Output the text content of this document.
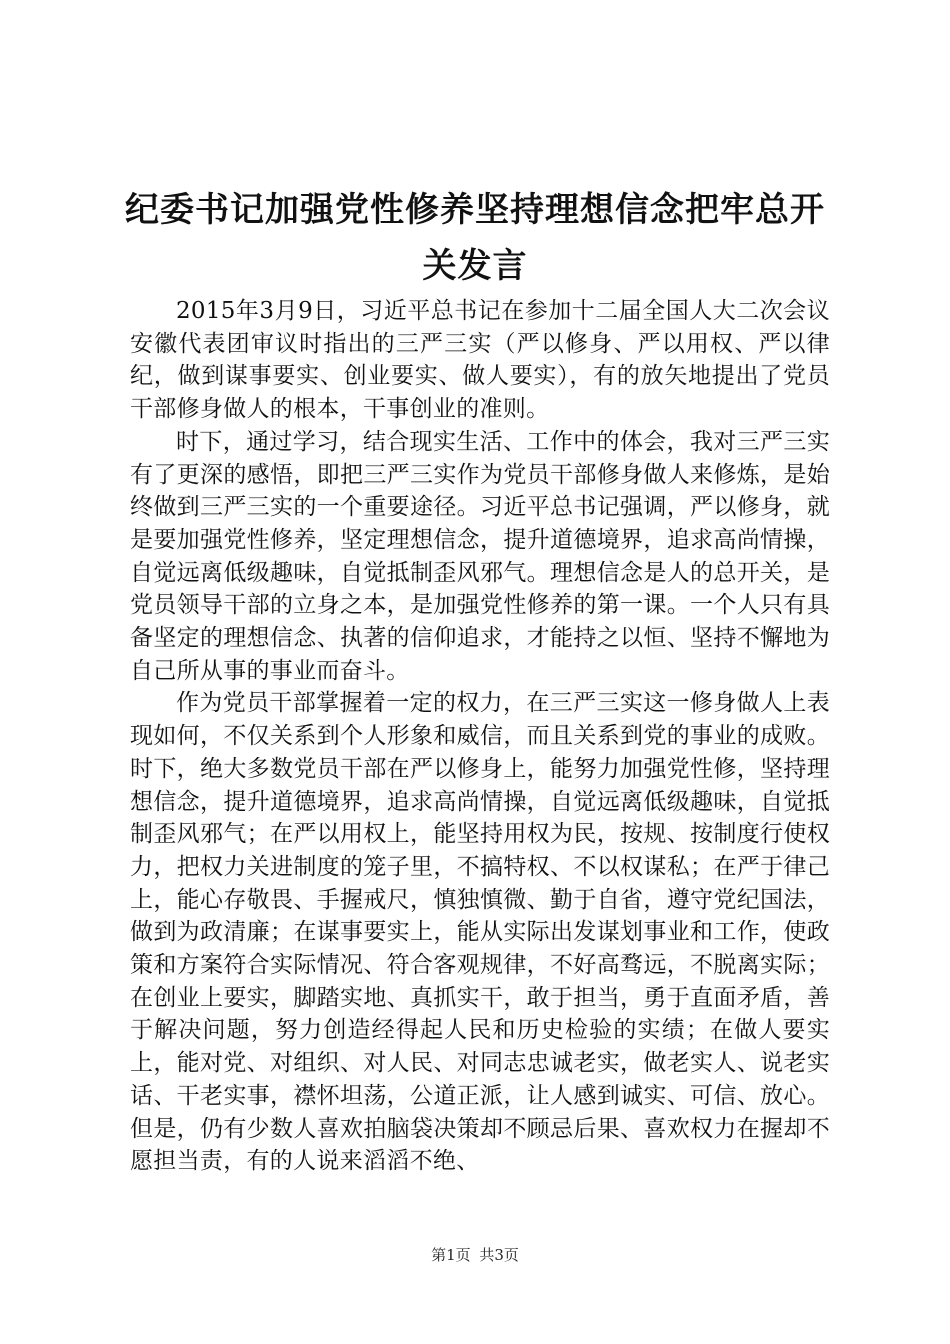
纪委书记加强党性修养坚持理想信念把牢总开关发言

2015年3月9日，习近平总书记在参加十二届全国人大二次会议安徽代表团审议时指出的三严三实（严以修身、严以用权、严以律纪，做到谋事要实、创业要实、做人要实），有的放矢地提出了党员干部修身做人的根本，干事创业的准则。

时下，通过学习，结合现实生活、工作中的体会，我对三严三实有了更深的感悟，即把三严三实作为党员干部修身做人来修炼，是始终做到三严三实的一个重要途径。习近平总书记强调，严以修身，就是要加强党性修养，坚定理想信念，提升道德境界，追求高尚情操，自觉远离低级趣味，自觉抵制歪风邪气。理想信念是人的总开关，是党员领导干部的立身之本，是加强党性修养的第一课。一个人只有具备坚定的理想信念、执著的信仰追求，才能持之以恒、坚持不懈地为自己所从事的事业而奋斗。

作为党员干部掌握着一定的权力，在三严三实这一修身做人上表现如何，不仅关系到个人形象和威信，而且关系到党的事业的成败。时下，绝大多数党员干部在严以修身上，能努力加强党性修，坚持理想信念，提升道德境界，追求高尚情操，自觉远离低级趣味，自觉抵制歪风邪气；在严以用权上，能坚持用权为民，按规、按制度行使权力，把权力关进制度的笼子里，不搞特权、不以权谋私；在严于律己上，能心存敬畏、手握戒尺，慎独慎微、勤于自省，遵守党纪国法，做到为政清廉；在谋事要实上，能从实际出发谋划事业和工作，使政策和方案符合实际情况、符合客观规律，不好高骛远，不脱离实际；在创业上要实，脚踏实地、真抓实干，敢于担当，勇于直面矛盾，善于解决问题，努力创造经得起人民和历史检验的实绩；在做人要实上，能对党、对组织、对人民、对同志忠诚老实，做老实人、说老实话、干老实事，襟怀坦荡，公道正派，让人感到诚实、可信、放心。但是，仍有少数人喜欢拍脑袋决策却不顾忌后果、喜欢权力在握却不愿担当责，有的人说来滔滔不绝、

第1页 共3页
